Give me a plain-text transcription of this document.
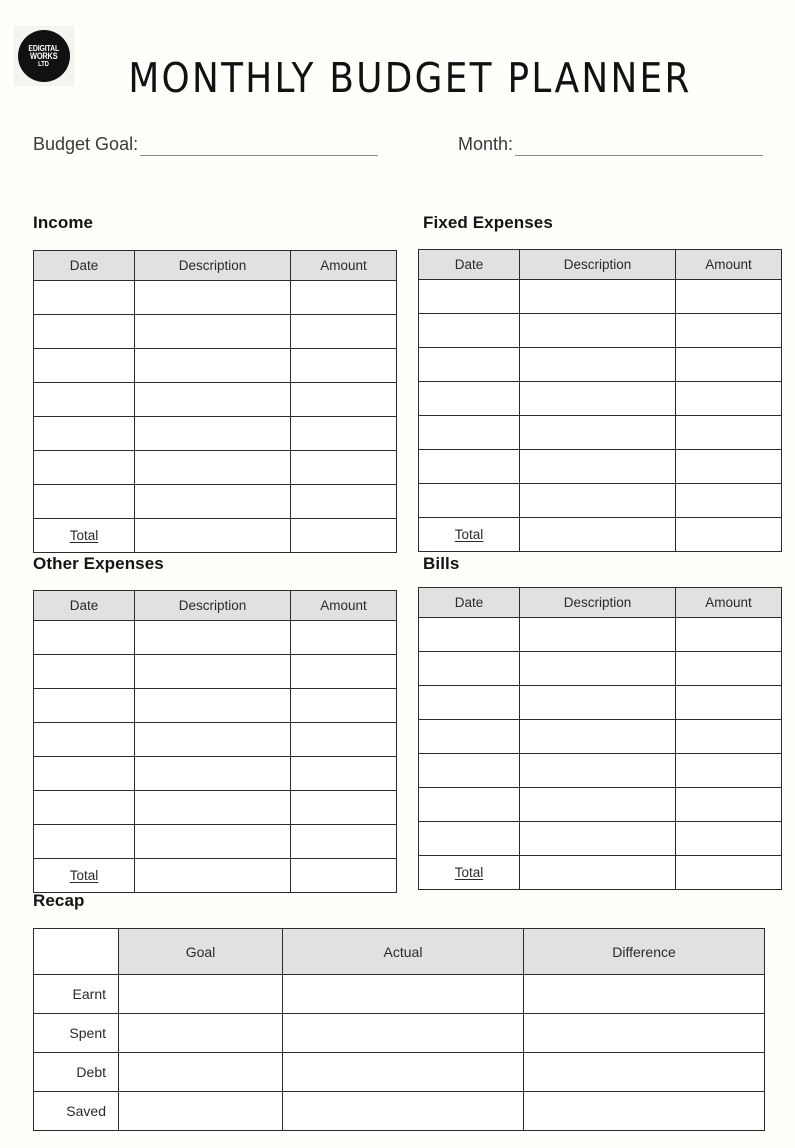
EDIGITAL
WORKS
LTD	MONTHLY BUDGET PLANNER
Budget Goal:	Month:
Income
Date	Description	Amount

Total		
Fixed Expenses
Date	Description	Amount

Total		
Other Expenses
Date	Description	Amount

Total		
Bills
Date	Description	Amount

Total		
Recap
	Goal	Actual	Difference
Earnt			
Spent			
Debt			
Saved			
